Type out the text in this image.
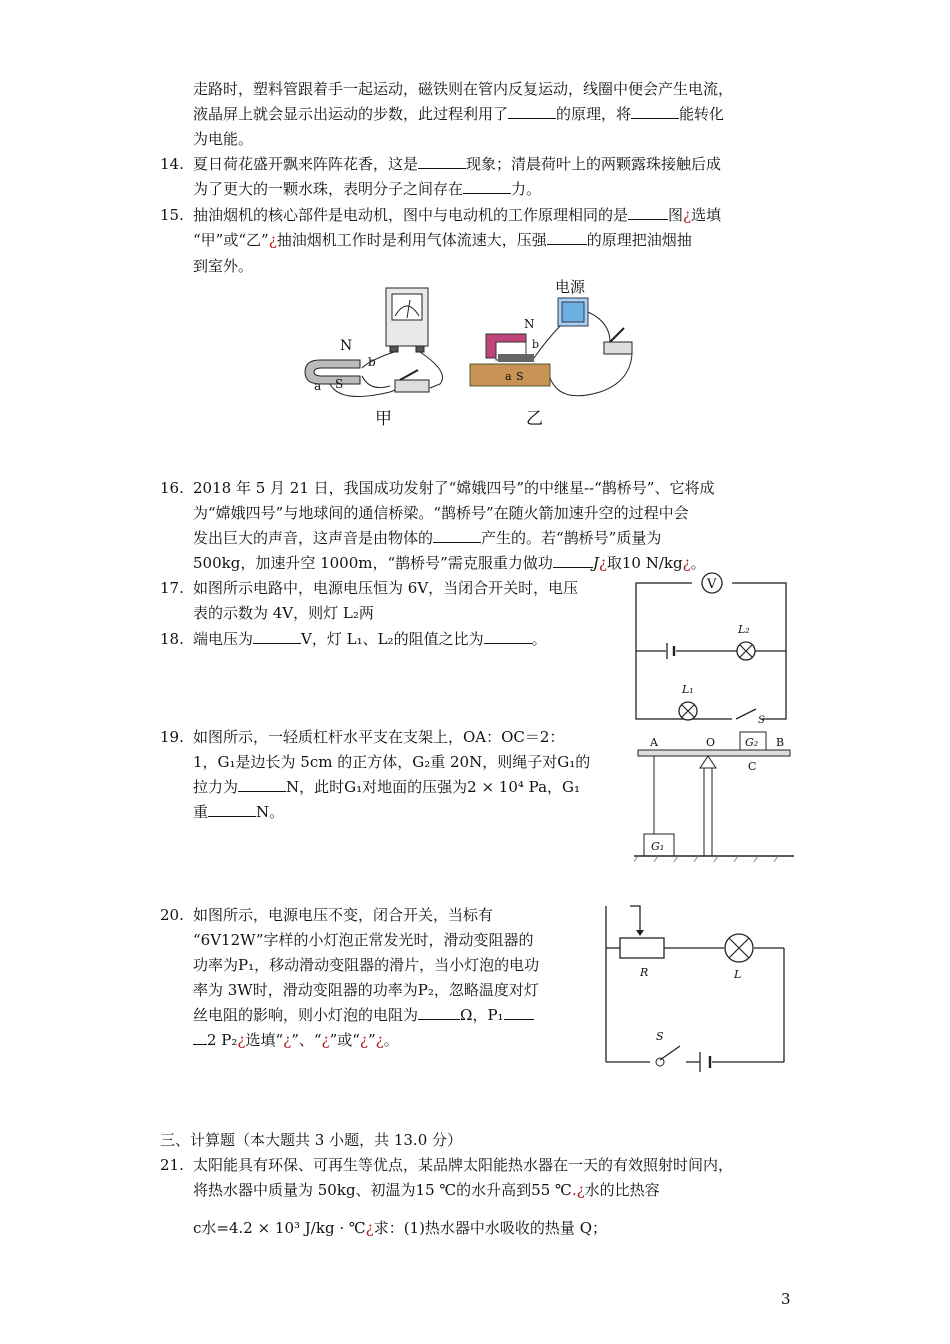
走路时，塑料管跟着手一起运动，磁铁则在管内反复运动，线圈中便会产生电流，
液晶屏上就会显示出运动的步数，此过程利用了	的原理，将	能转化
为电能。
14. 夏日荷花盛开飘来阵阵花香，这是	现象；清晨荷叶上的两颗露珠接触后成
为了更大的一颗水珠，表明分子之间存在	力。
15. 抽油烟机的核心部件是电动机，图中与电动机的工作原理相同的是	图¿选填
“甲”或“乙”¿抽油烟机工作时是利用气体流速大，压强	的原理把油烟抽
到室外。
N
S
a
b
电源
N
S
b
a
甲	乙
16. 2018 年 5 月 21 日，我国成功发射了“嫦娥四号”的中继星--“鹊桥号”、它将成
为“嫦娥四号”与地球间的通信桥梁。“鹊桥号”在随火箭加速升空的过程中会
发出巨大的声音，这声音是由物体的	产生的。若“鹊桥号”质量为
500kg，加速升空 1000m，“鹊桥号”需克服重力做功	J¿取10 N/kg¿。
17. 如图所示电路中，电源电压恒为 6V，当闭合开关时，电压
表的示数为 4V，则灯 L₂两
18. 端电压为	V，灯 L₁、L₂的阻值之比为	。
V
L₂
L₁
S
19. 如图所示，一轻质杠杆水平支在支架上，OA：OC＝2：
1，G₁是边长为 5cm 的正方体，G₂重 20N，则绳子对G₁的
拉力为	N，此时G₁对地面的压强为2 × 10⁴ Pa，G₁
重	N。
G₁
G₂
A	O	B
C
20. 如图所示，电源电压不变，闭合开关，当标有
“6V12W”字样的小灯泡正常发光时，滑动变阻器的
功率为P₁，移动滑动变阻器的滑片，当小灯泡的电功
率为 3W时，滑动变阻器的功率为P₂，忽略温度对灯
丝电阻的影响，则小灯泡的电阻为	Ω，P₁
2 P₂¿选填“¿”、“¿”或“¿”¿。
R	L
S
三、计算题（本大题共 3 小题，共 13.0 分）
21. 太阳能具有环保、可再生等优点，某品牌太阳能热水器在一天的有效照射时间内，
将热水器中质量为 50kg、初温为15 ℃的水升高到55 ℃.¿水的比热容
c水=4.2 × 10³ J/kg · ℃¿求：(1)热水器中水吸收的热量 Q；
3
